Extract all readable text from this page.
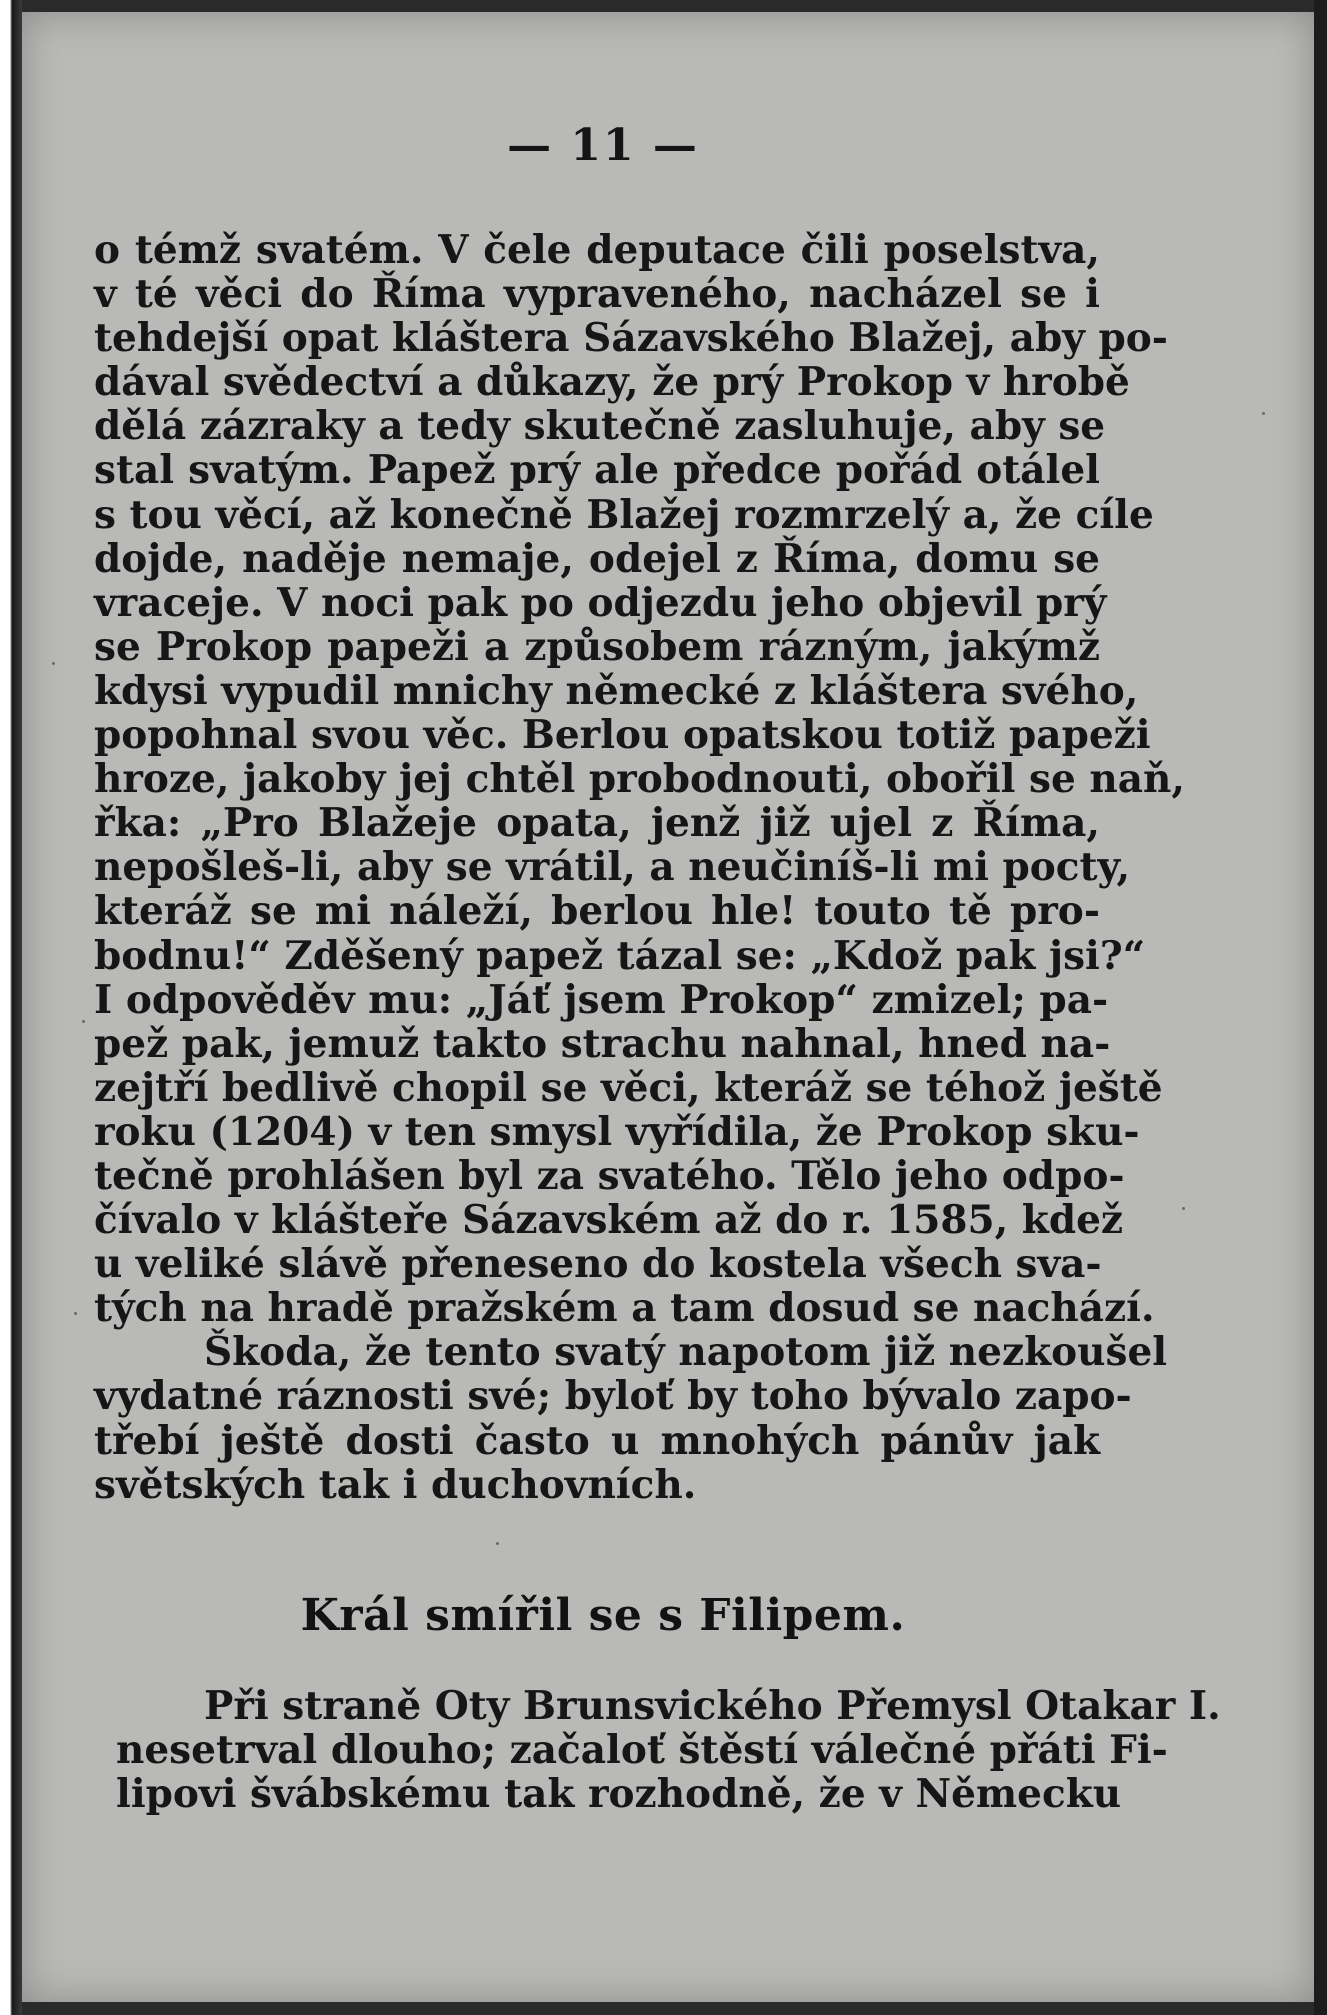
— 11 —
o témž svatém. V čele deputace čili poselstva,
v té věci do Říma vypraveného, nacházel se i
tehdejší opat kláštera Sázavského Blažej, aby po-
dával svědectví a důkazy, že prý Prokop v hrobě
dělá zázraky a tedy skutečně zasluhuje, aby se
stal svatým. Papež prý ale předce pořád otálel
s tou věcí, až konečně Blažej rozmrzelý a, že cíle
dojde, naděje nemaje, odejel z Říma, domu se
vraceje. V noci pak po odjezdu jeho objevil prý
se Prokop papeži a způsobem rázným, jakýmž
kdysi vypudil mnichy německé z kláštera svého,
popohnal svou věc. Berlou opatskou totiž papeži
hroze, jakoby jej chtěl probodnouti, obořil se naň,
řka: „Pro Blažeje opata, jenž již ujel z Říma,
nepošleš-li, aby se vrátil, a neučiníš-li mi pocty,
kteráž se mi náleží, berlou hle! touto tě pro-
bodnu!“ Zděšený papež tázal se: „Kdož pak jsi?“
I odpověděv mu: „Jáť jsem Prokop“ zmizel; pa-
pež pak, jemuž takto strachu nahnal, hned na-
zejtří bedlivě chopil se věci, kteráž se téhož ještě
roku (1204) v ten smysl vyřídila, že Prokop sku-
tečně prohlášen byl za svatého. Tělo jeho odpo-
čívalo v klášteře Sázavském až do r. 1585, kdež
u veliké slávě přeneseno do kostela všech sva-
tých na hradě pražském a tam dosud se nachází.
Škoda, že tento svatý napotom již nezkoušel
vydatné ráznosti své; byloť by toho bývalo zapo-
třebí ještě dosti často u mnohých pánův jak
světských tak i duchovních.
Král smířil se s Filipem.
Při straně Oty Brunsvického Přemysl Otakar I.
nesetrval dlouho; začaloť štěstí válečné přáti Fi-
lipovi švábskému tak rozhodně, že v Německu
